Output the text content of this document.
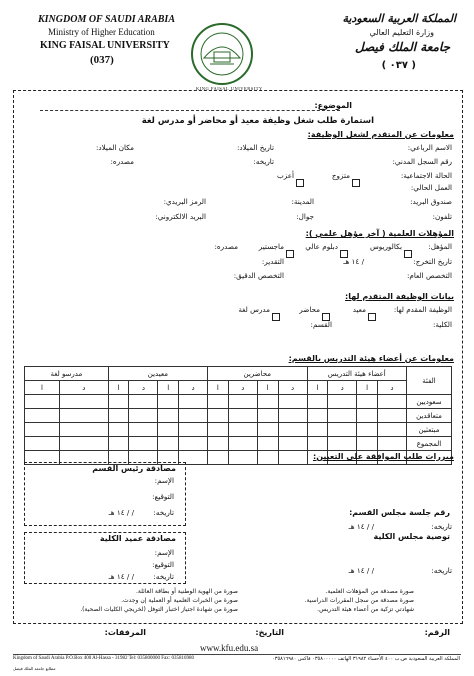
KINGDOM OF SAUDI ARABIA
Ministry of Higher Education
KING FAISAL UNIVERSITY
(037)
KING FAISAL UNIVERSITY
المملكة العربية السعودية
وزارة التعليم العالي
جامعة الملك فيصل
( ٠٣٧ )
الموضوع:
استمارة طلب شغل وظيفة معيد أو محاضر أو مدرس لغة
معلومات عن المتقدم لشغل الوظيفة:
الاسم الرباعي:
تاريخ الميلاد:
مكان الميلاد:
رقم السجل المدني:
تاريخه:
مصدره:
الحالة الاجتماعية:
متزوج
أعزب
العمل الحالي:
صندوق البريد:
المدينة:
الرمز البريدي:
تلفون:
جوال:
البريد الالكتروني:
المؤهلات العلمية ( آخر مؤهل علمي ):
المؤهل:
بكالوريوس
دبلوم عالي
ماجستير
مصدره:
تاريخ التخرج:
/ ١٤ هـ
التقدير:
التخصص العام:
التخصص الدقيق:
بيانات الوظيفة المتقدم لها:
الوظيفة المقدم لها:
معيد
محاضر
مدرس لغة
الكلية:
القسم:
معلومات عن أعضاء هيئة التدريس بالقسم:
مدرسو لغة		معيدين				محاضرين				أعضاء هيئة التدريس				الفئة
ا	د	ا	د	ا	د	ا	د	ا	د	ا	د	ا	د	
														سعوديين
														متعاقدين
														مبتعثين
														المجموع

مبررات طلب الموافقة على التعيين:
مصادقة رئيس القسم
الإسم:
التوقيع:
تاريخه:
/ / ١٤ هـ	رقم جلسة مجلس القسم:
تاريخه:
/ / ١٤ هـ
توصية مجلس الكلية
مصادقة عميد الكلية
الإسم:
التوقيع:
تاريخه:
/ / ١٤ هـ
تاريخه:
/ / ١٤ هـ
صورة مصدقة من المؤهلات العلمية.
صورة مصدقة من سجل المقررات الدراسية.
شهادتي تزكية من أعضاء هيئة التدريس.
صورة من الهوية الوطنية أو بطاقة العائلة.
صورة من الخبرات العلمية أو العملية إن وجدت.
صورة من شهادة اجتياز اختبار التوفل (لخريجي الكليات الصحية).
الرقم:
التاريخ:
المرفقات:
www.kfu.edu.sa
Kingdom of Saudi Arabia P.O.Box 400 Al-Hassa - 31982 Tel: 035800000 Fax: 035816980	المملكة العربية السعودية ص.ب ٤٠٠ الأحساء ٣١٩٨٢ الهاتف ٠٣٥٨٠٠٠٠٠ فاكس ٠٣٥٨١٦٩٨٠
مطابع جامعة الملك فيصل
